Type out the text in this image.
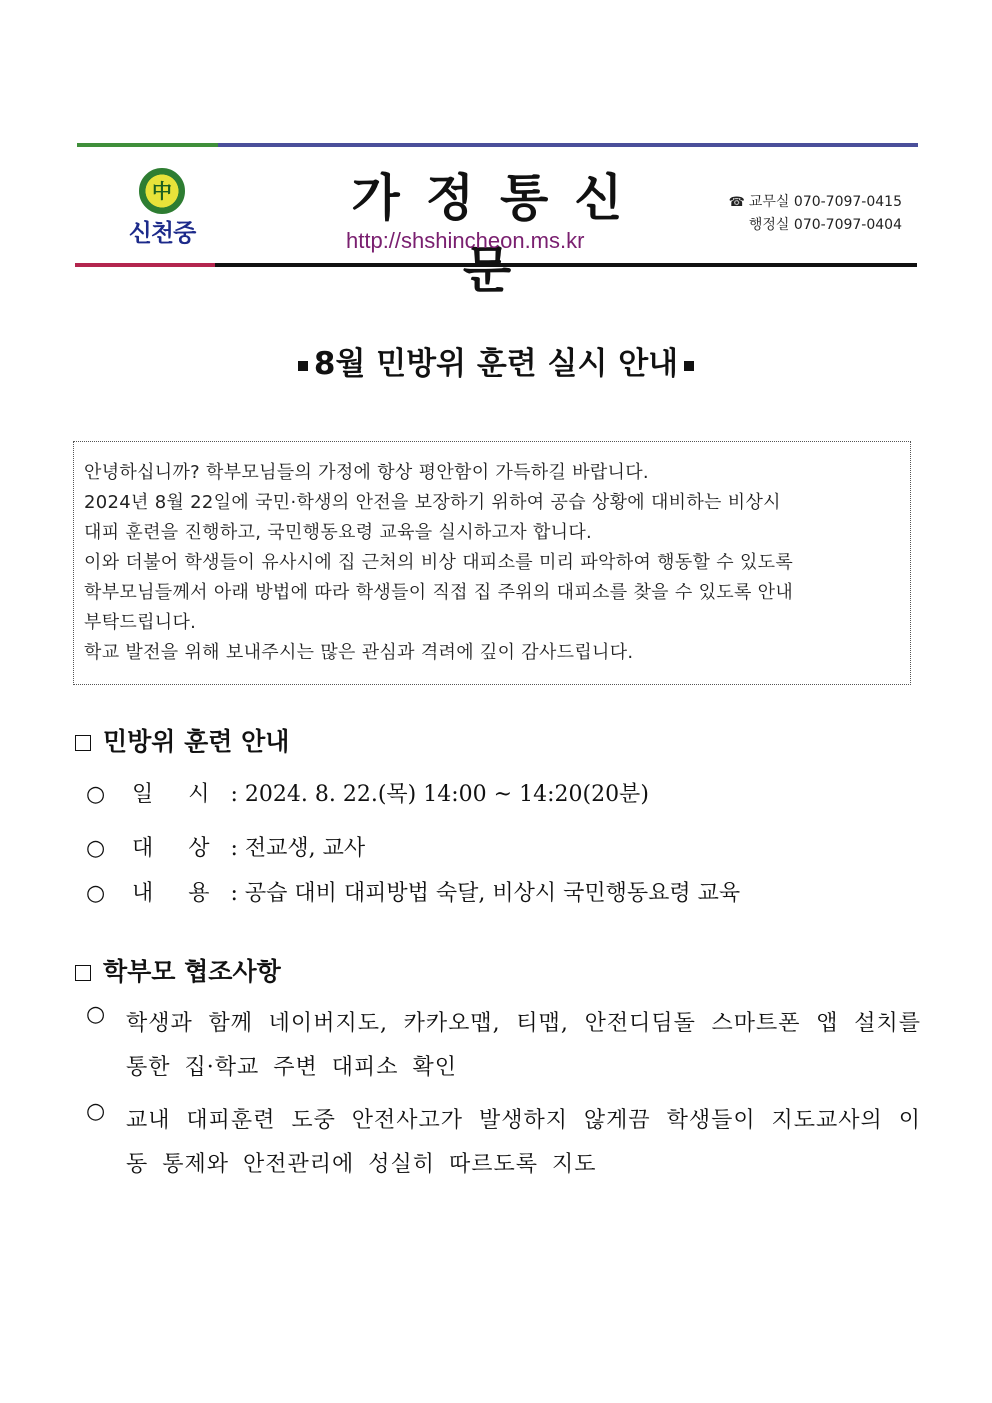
中
신천중
가정통신문
http://shshincheon.ms.kr
☎ 교무실 070-7097-0415
행정실 070-7097-0404
8월 민방위 훈련 실시 안내

안녕하십니까? 학부모님들의 가정에 항상 평안함이 가득하길 바랍니다.

2024년 8월 22일에 국민·학생의 안전을 보장하기 위하여 공습 상황에 대비하는 비상시

대피 훈련을 진행하고, 국민행동요령 교육을 실시하고자 합니다.

이와 더불어 학생들이 유사시에 집 근처의 비상 대피소를 미리 파악하여 행동할 수 있도록

학부모님들께서 아래 방법에 따라 학생들이 직접 집 주위의 대피소를 찾을 수 있도록 안내

부탁드립니다.

학교 발전을 위해 보내주시는 많은 관심과 격려에 깊이 감사드립니다.

민방위 훈련 안내
○ 일 시 : 2024. 8. 22.(목) 14:00 ~ 14:20(20분)
○ 대 상 : 전교생, 교사
○ 내 용 : 공습 대비 대피방법 숙달, 비상시 국민행동요령 교육
학부모 협조사항
○ 학생과 함께 네이버지도, 카카오맵, 티맵, 안전디딤돌 스마트폰 앱 설치를 통한 집·학교 주변 대피소 확인
○ 교내 대피훈련 도중 안전사고가 발생하지 않게끔 학생들이 지도교사의 이동 통제와 안전관리에 성실히 따르도록 지도
